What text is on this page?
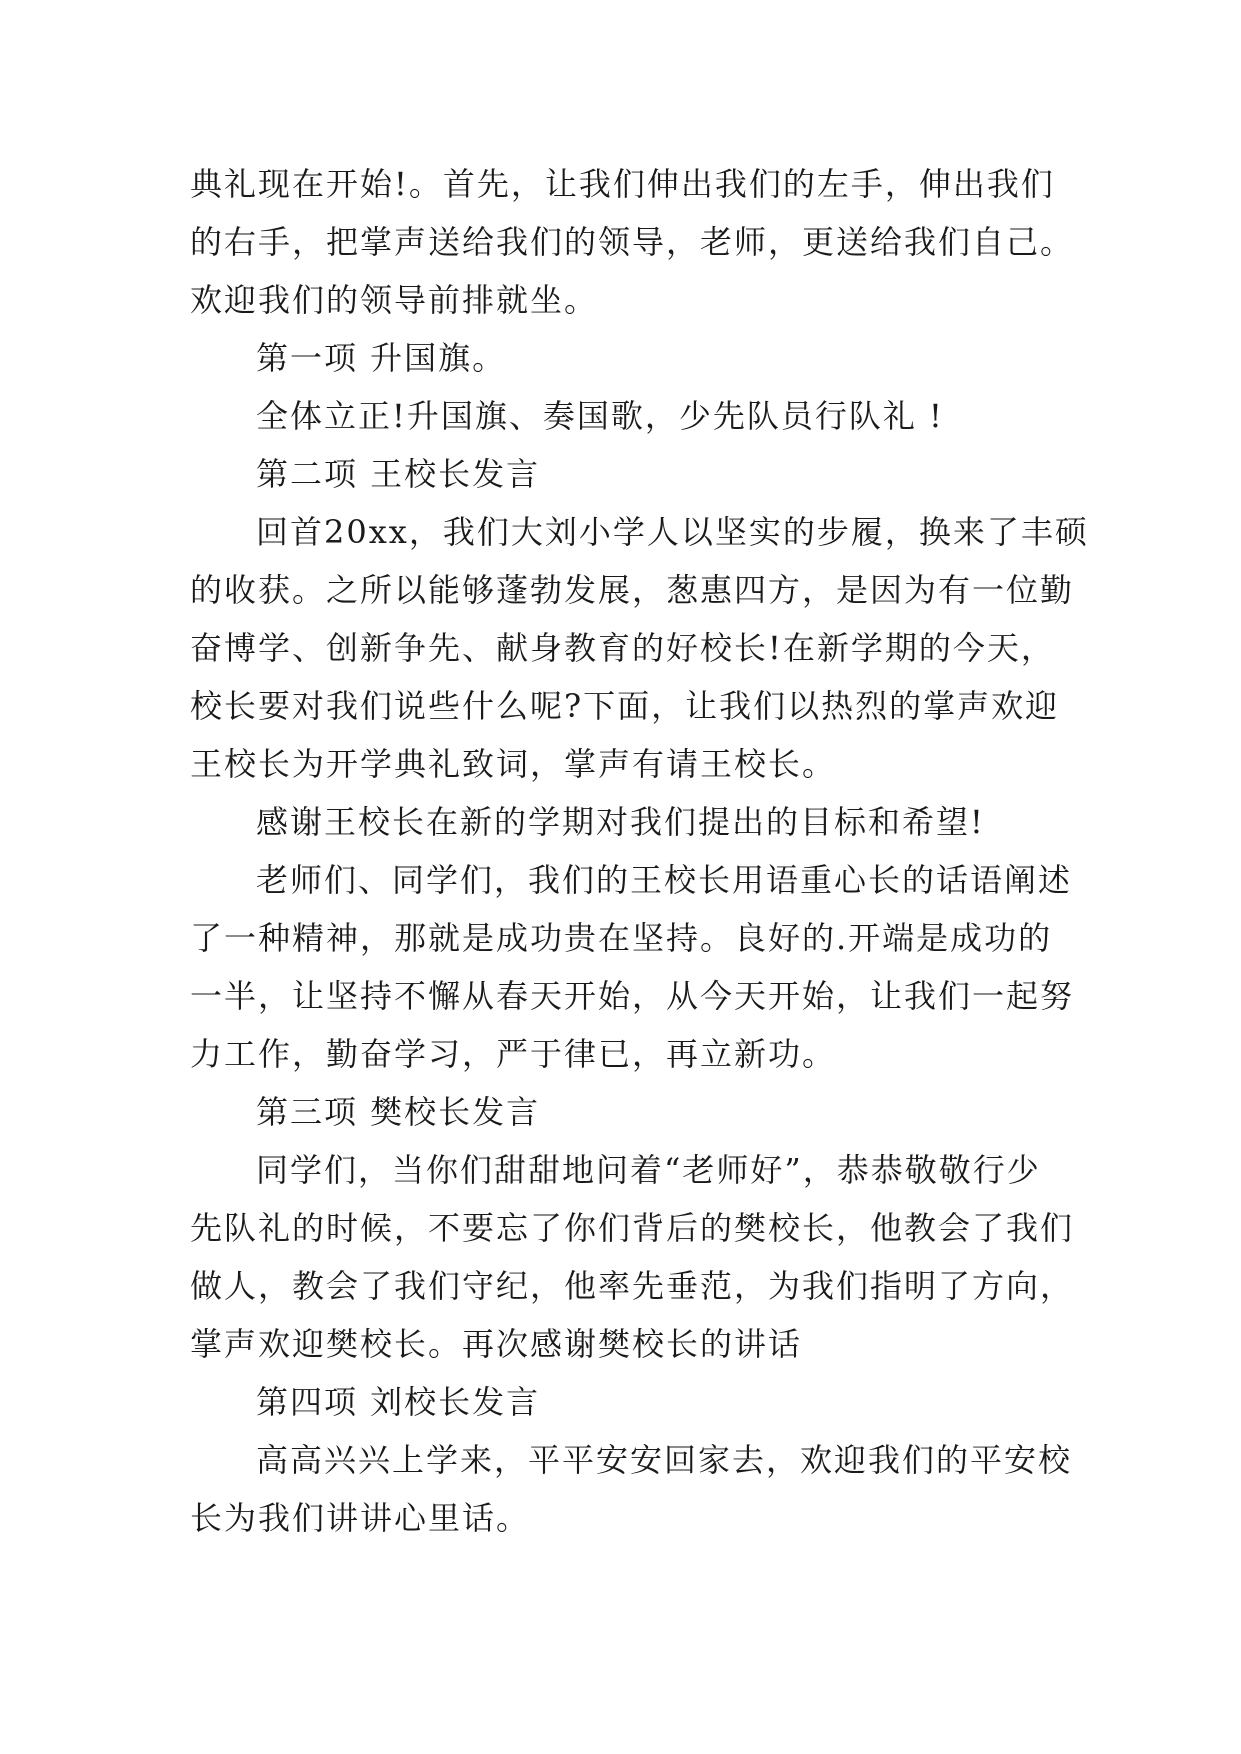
典礼现在开始!。首先，让我们伸出我们的左手，伸出我们
的右手，把掌声送给我们的领导，老师，更送给我们自己。
欢迎我们的领导前排就坐。
第一项 升国旗。
全体立正!升国旗、奏国歌，少先队员行队礼 !
第二项 王校长发言
回首20xx，我们大刘小学人以坚实的步履，换来了丰硕
的收获。之所以能够蓬勃发展，葱惠四方，是因为有一位勤
奋博学、创新争先、献身教育的好校长!在新学期的今天，
校长要对我们说些什么呢?下面，让我们以热烈的掌声欢迎
王校长为开学典礼致词，掌声有请王校长。
感谢王校长在新的学期对我们提出的目标和希望!
老师们、同学们，我们的王校长用语重心长的话语阐述
了一种精神，那就是成功贵在坚持。良好的.开端是成功的
一半，让坚持不懈从春天开始，从今天开始，让我们一起努
力工作，勤奋学习，严于律已，再立新功。
第三项 樊校长发言
同学们，当你们甜甜地问着“老师好”，恭恭敬敬行少
先队礼的时候，不要忘了你们背后的樊校长，他教会了我们
做人，教会了我们守纪，他率先垂范，为我们指明了方向，
掌声欢迎樊校长。再次感谢樊校长的讲话
第四项 刘校长发言
高高兴兴上学来，平平安安回家去，欢迎我们的平安校
长为我们讲讲心里话。
